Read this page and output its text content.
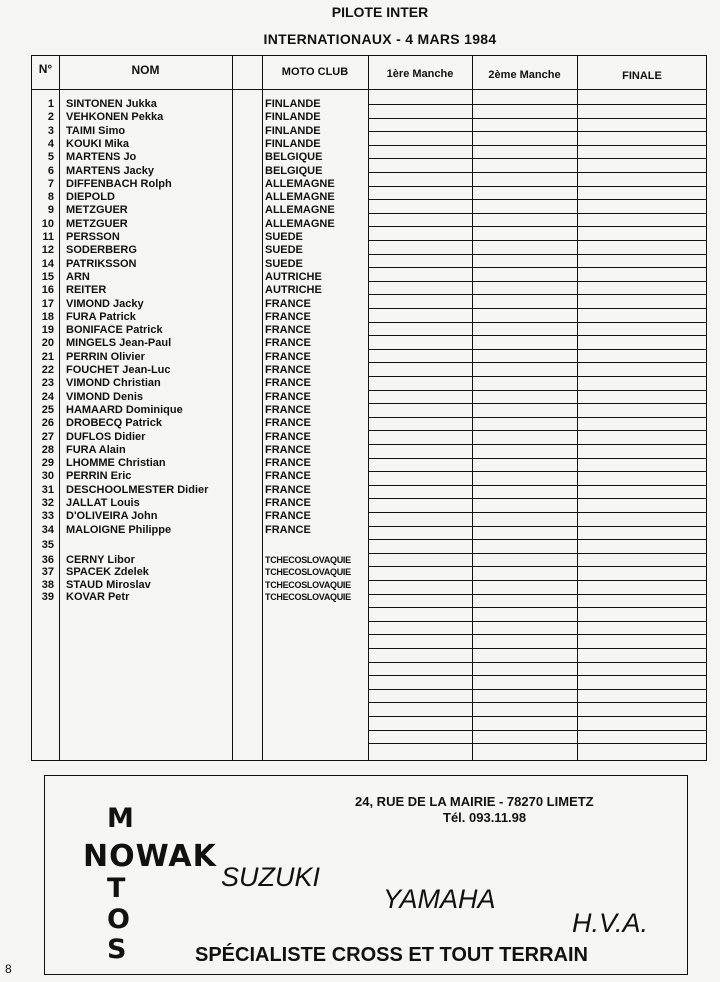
PILOTE INTER
INTERNATIONAUX - 4 MARS 1984
N°	NOM	MOTO CLUB	1ère Manche	2ème Manche	FINALE
1 SINTONEN Jukka	FINLANDE
2 VEHKONEN Pekka	FINLANDE
3 TAIMI Simo	FINLANDE
4 KOUKI Mika	FINLANDE
5 MARTENS Jo	BELGIQUE
6 MARTENS Jacky	BELGIQUE
7 DIFFENBACH Rolph	ALLEMAGNE
8 DIEPOLD	ALLEMAGNE
9 METZGUER	ALLEMAGNE
10 METZGUER	ALLEMAGNE
11 PERSSON	SUEDE
12 SODERBERG	SUEDE
14 PATRIKSSON	SUEDE
15 ARN	AUTRICHE
16 REITER	AUTRICHE
17 VIMOND Jacky	FRANCE
18 FURA Patrick	FRANCE
19 BONIFACE Patrick	FRANCE
20 MINGELS Jean-Paul	FRANCE
21 PERRIN Olivier	FRANCE
22 FOUCHET Jean-Luc	FRANCE
23 VIMOND Christian	FRANCE
24 VIMOND Denis	FRANCE
25 HAMAARD Dominique	FRANCE
26 DROBECQ Patrick	FRANCE
27 DUFLOS Didier	FRANCE
28 FURA Alain	FRANCE
29 LHOMME Christian	FRANCE
30 PERRIN Eric	FRANCE
31 DESCHOOLMESTER Didier	FRANCE
32 JALLAT Louis	FRANCE
33 D'OLIVEIRA John	FRANCE
34 MALOIGNE Philippe	FRANCE
35
36 CERNY Libor	TCHECOSLOVAQUIE
37 SPACEK Zdelek	TCHECOSLOVAQUIE
38 STAUD Miroslav	TCHECOSLOVAQUIE
39 KOVAR Petr	TCHECOSLOVAQUIE
24, RUE DE LA MAIRIE - 78270 LIMETZ
Tél. 093.11.98
M
NOWAK
T
O
S
SUZUKI
YAMAHA
H.V.A.
SPÉCIALISTE CROSS ET TOUT TERRAIN
8
